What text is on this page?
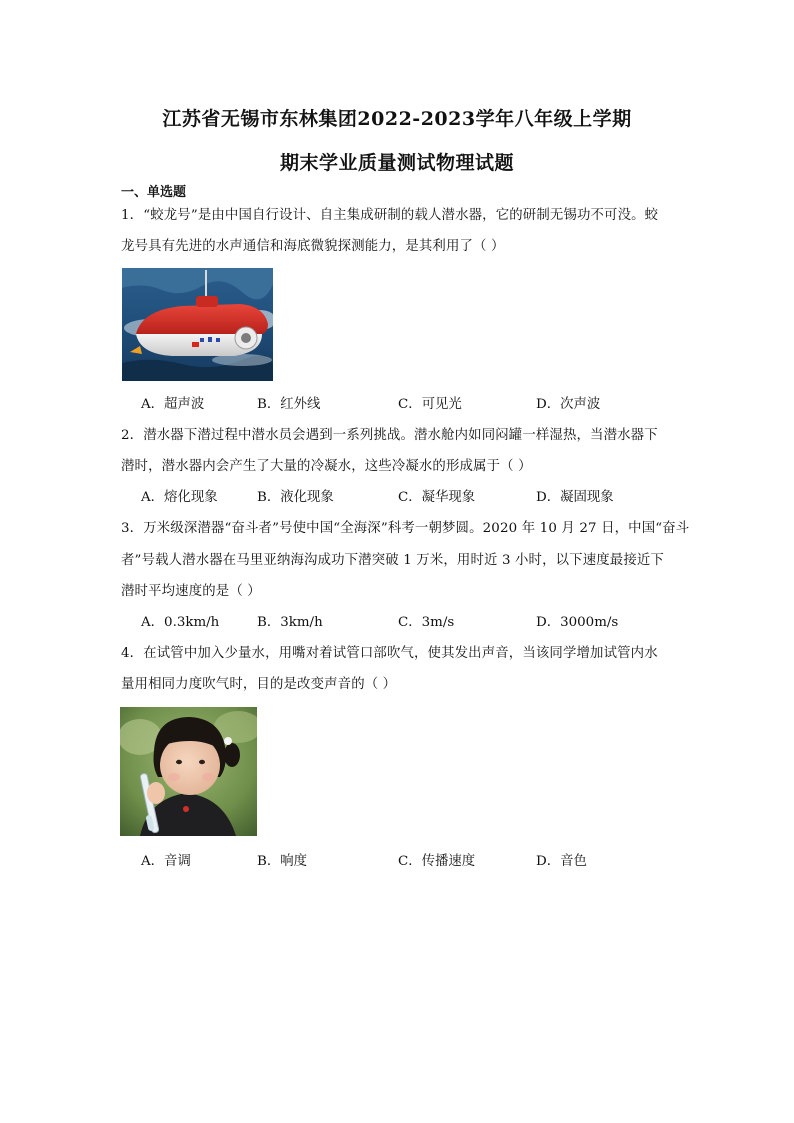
江苏省无锡市东林集团2022-2023学年八年级上学期
期末学业质量测试物理试题
一、单选题
1．“蛟龙号”是由中国自行设计、自主集成研制的载人潜水器，它的研制无锡功不可没。蛟
龙号具有先进的水声通信和海底微貌探测能力，是其利用了（ ）
A．超声波	B．红外线	C．可见光	D．次声波
2．潜水器下潜过程中潜水员会遇到一系列挑战。潜水舱内如同闷罐一样湿热，当潜水器下
潜时，潜水器内会产生了大量的冷凝水，这些冷凝水的形成属于（ ）
A．熔化现象	B．液化现象	C．凝华现象	D．凝固现象
3．万米级深潜器“奋斗者”号使中国“全海深”科考一朝梦圆。2020 年 10 月 27 日，中国“奋斗
者”号载人潜水器在马里亚纳海沟成功下潜突破 1 万米，用时近 3 小时，以下速度最接近下
潜时平均速度的是（ ）
A．0.3km/h	B．3km/h	C．3m/s	D．3000m/s
4．在试管中加入少量水，用嘴对着试管口部吹气，使其发出声音，当该同学增加试管内水
量用相同力度吹气时，目的是改变声音的（ ）
A．音调	B．响度	C．传播速度	D．音色
